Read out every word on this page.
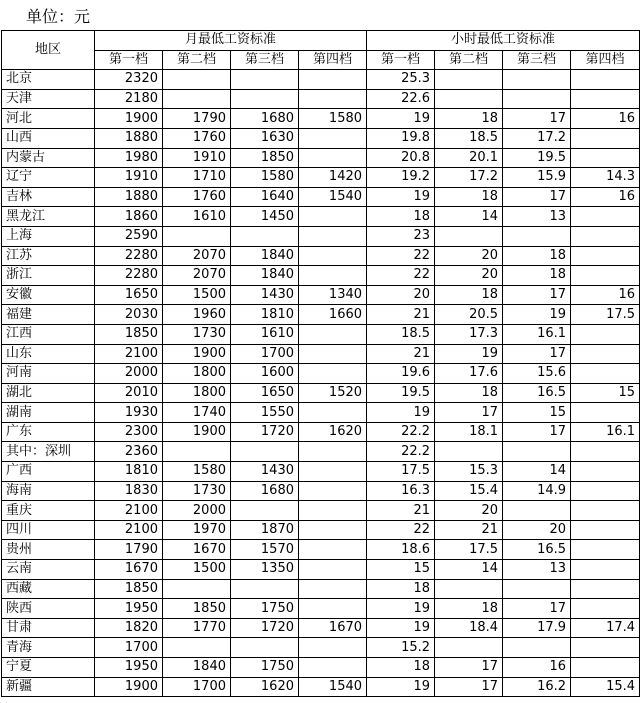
单位：元
地区	月最低工资标准				小时最低工资标准			
	第一档	第二档	第三档	第四档	第一档	第二档	第三档	第四档
北京	2320				25.3			
天津	2180				22.6			
河北	1900	1790	1680	1580	19	18	17	16
山西	1880	1760	1630		19.8	18.5	17.2	
内蒙古	1980	1910	1850		20.8	20.1	19.5	
辽宁	1910	1710	1580	1420	19.2	17.2	15.9	14.3
吉林	1880	1760	1640	1540	19	18	17	16
黑龙江	1860	1610	1450		18	14	13	
上海	2590				23			
江苏	2280	2070	1840		22	20	18	
浙江	2280	2070	1840		22	20	18	
安徽	1650	1500	1430	1340	20	18	17	16
福建	2030	1960	1810	1660	21	20.5	19	17.5
江西	1850	1730	1610		18.5	17.3	16.1	
山东	2100	1900	1700		21	19	17	
河南	2000	1800	1600		19.6	17.6	15.6	
湖北	2010	1800	1650	1520	19.5	18	16.5	15
湖南	1930	1740	1550		19	17	15	
广东	2300	1900	1720	1620	22.2	18.1	17	16.1
其中：深圳	2360				22.2			
广西	1810	1580	1430		17.5	15.3	14	
海南	1830	1730	1680		16.3	15.4	14.9	
重庆	2100	2000			21	20		
四川	2100	1970	1870		22	21	20	
贵州	1790	1670	1570		18.6	17.5	16.5	
云南	1670	1500	1350		15	14	13	
西藏	1850				18			
陕西	1950	1850	1750		19	18	17	
甘肃	1820	1770	1720	1670	19	18.4	17.9	17.4
青海	1700				15.2			
宁夏	1950	1840	1750		18	17	16	
新疆	1900	1700	1620	1540	19	17	16.2	15.4
